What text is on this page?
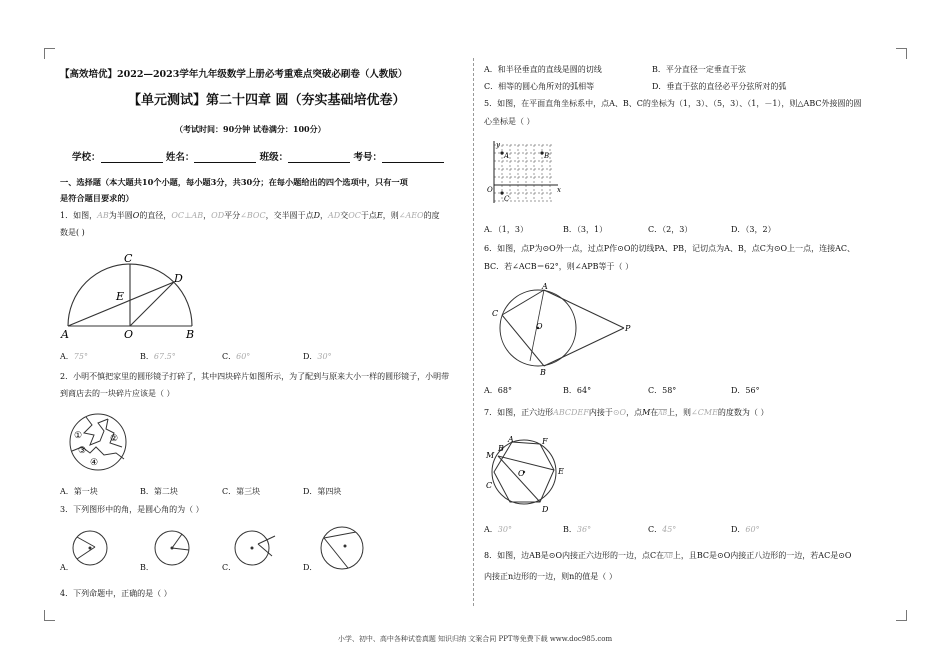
【高效培优】2022—2023学年九年级数学上册必考重难点突破必刷卷（人教版）
【单元测试】第二十四章 圆（夯实基础培优卷）
（考试时间：90分钟 试卷满分：100分）
学校：	姓名：	班级：	考号：
一、选择题（本大题共10个小题，每小题3分，共30分；在每小题给出的四个选项中，只有一项
是符合题目要求的）
1．如图，AB为半圆O的直径，OC⊥AB，OD平分∠BOC，交半圆于点D，AD交OC于点E，则∠AEO的度
数是( )
C
D
E
A	O	B
A．75°	B．67.5°	C．60°	D．30°
2．小明不慎把家里的圆形镜子打碎了，其中四块碎片如图所示，为了配到与原来大小一样的圆形镜子，小明带
到商店去的一块碎片应该是（ ）
①	②
③
④
A．第一块	B．第二块	C．第三块	D．第四块
3．下列图形中的角，是圆心角的为（ ）
A．	B．	C．	D．
4．下列命题中，正确的是（ ）
A．和半径垂直的直线是圆的切线	B．平分直径一定垂直于弦
C．相等的圆心角所对的弧相等	D．垂直于弦的直径必平分弦所对的弧
5．如图，在平面直角坐标系中，点A、B、C的坐标为（1，3）、（5，3）、（1，－1），则△ABC外接圆的圆
心坐标是（ ）
y
x
A	B
C
O
A．（1，3）	B．（3，1）	C．（2，3）	D．（3，2）
6．如图，点P为⊙O外一点，过点P作⊙O的切线PA、PB，记切点为A、B，点C为⊙O上一点，连接AC、
BC．若∠ACB＝62°，则∠APB等于（ ）
A
B
C
O	P
A．68°	B．64°	C．58°	D．56°
7．如图，正六边形ABCDEF内接于⊙O，点M在$\overline{AB}$上，则∠CME的度数为（ ）
A
B
M
F
E
C
D
O
A．30°	B．36°	C．45°	D．60°
8．如图，边AB是⊙O内接正六边形的一边，点C在$\overline{AB}$上，且BC是⊙O内接正八边形的一边，若AC是⊙O
内接正n边形的一边，则n的值是（ ）
小学、初中、高中各种试卷真题 知识归纳 文案合同 PPT等免费下载 www.doc985.com
